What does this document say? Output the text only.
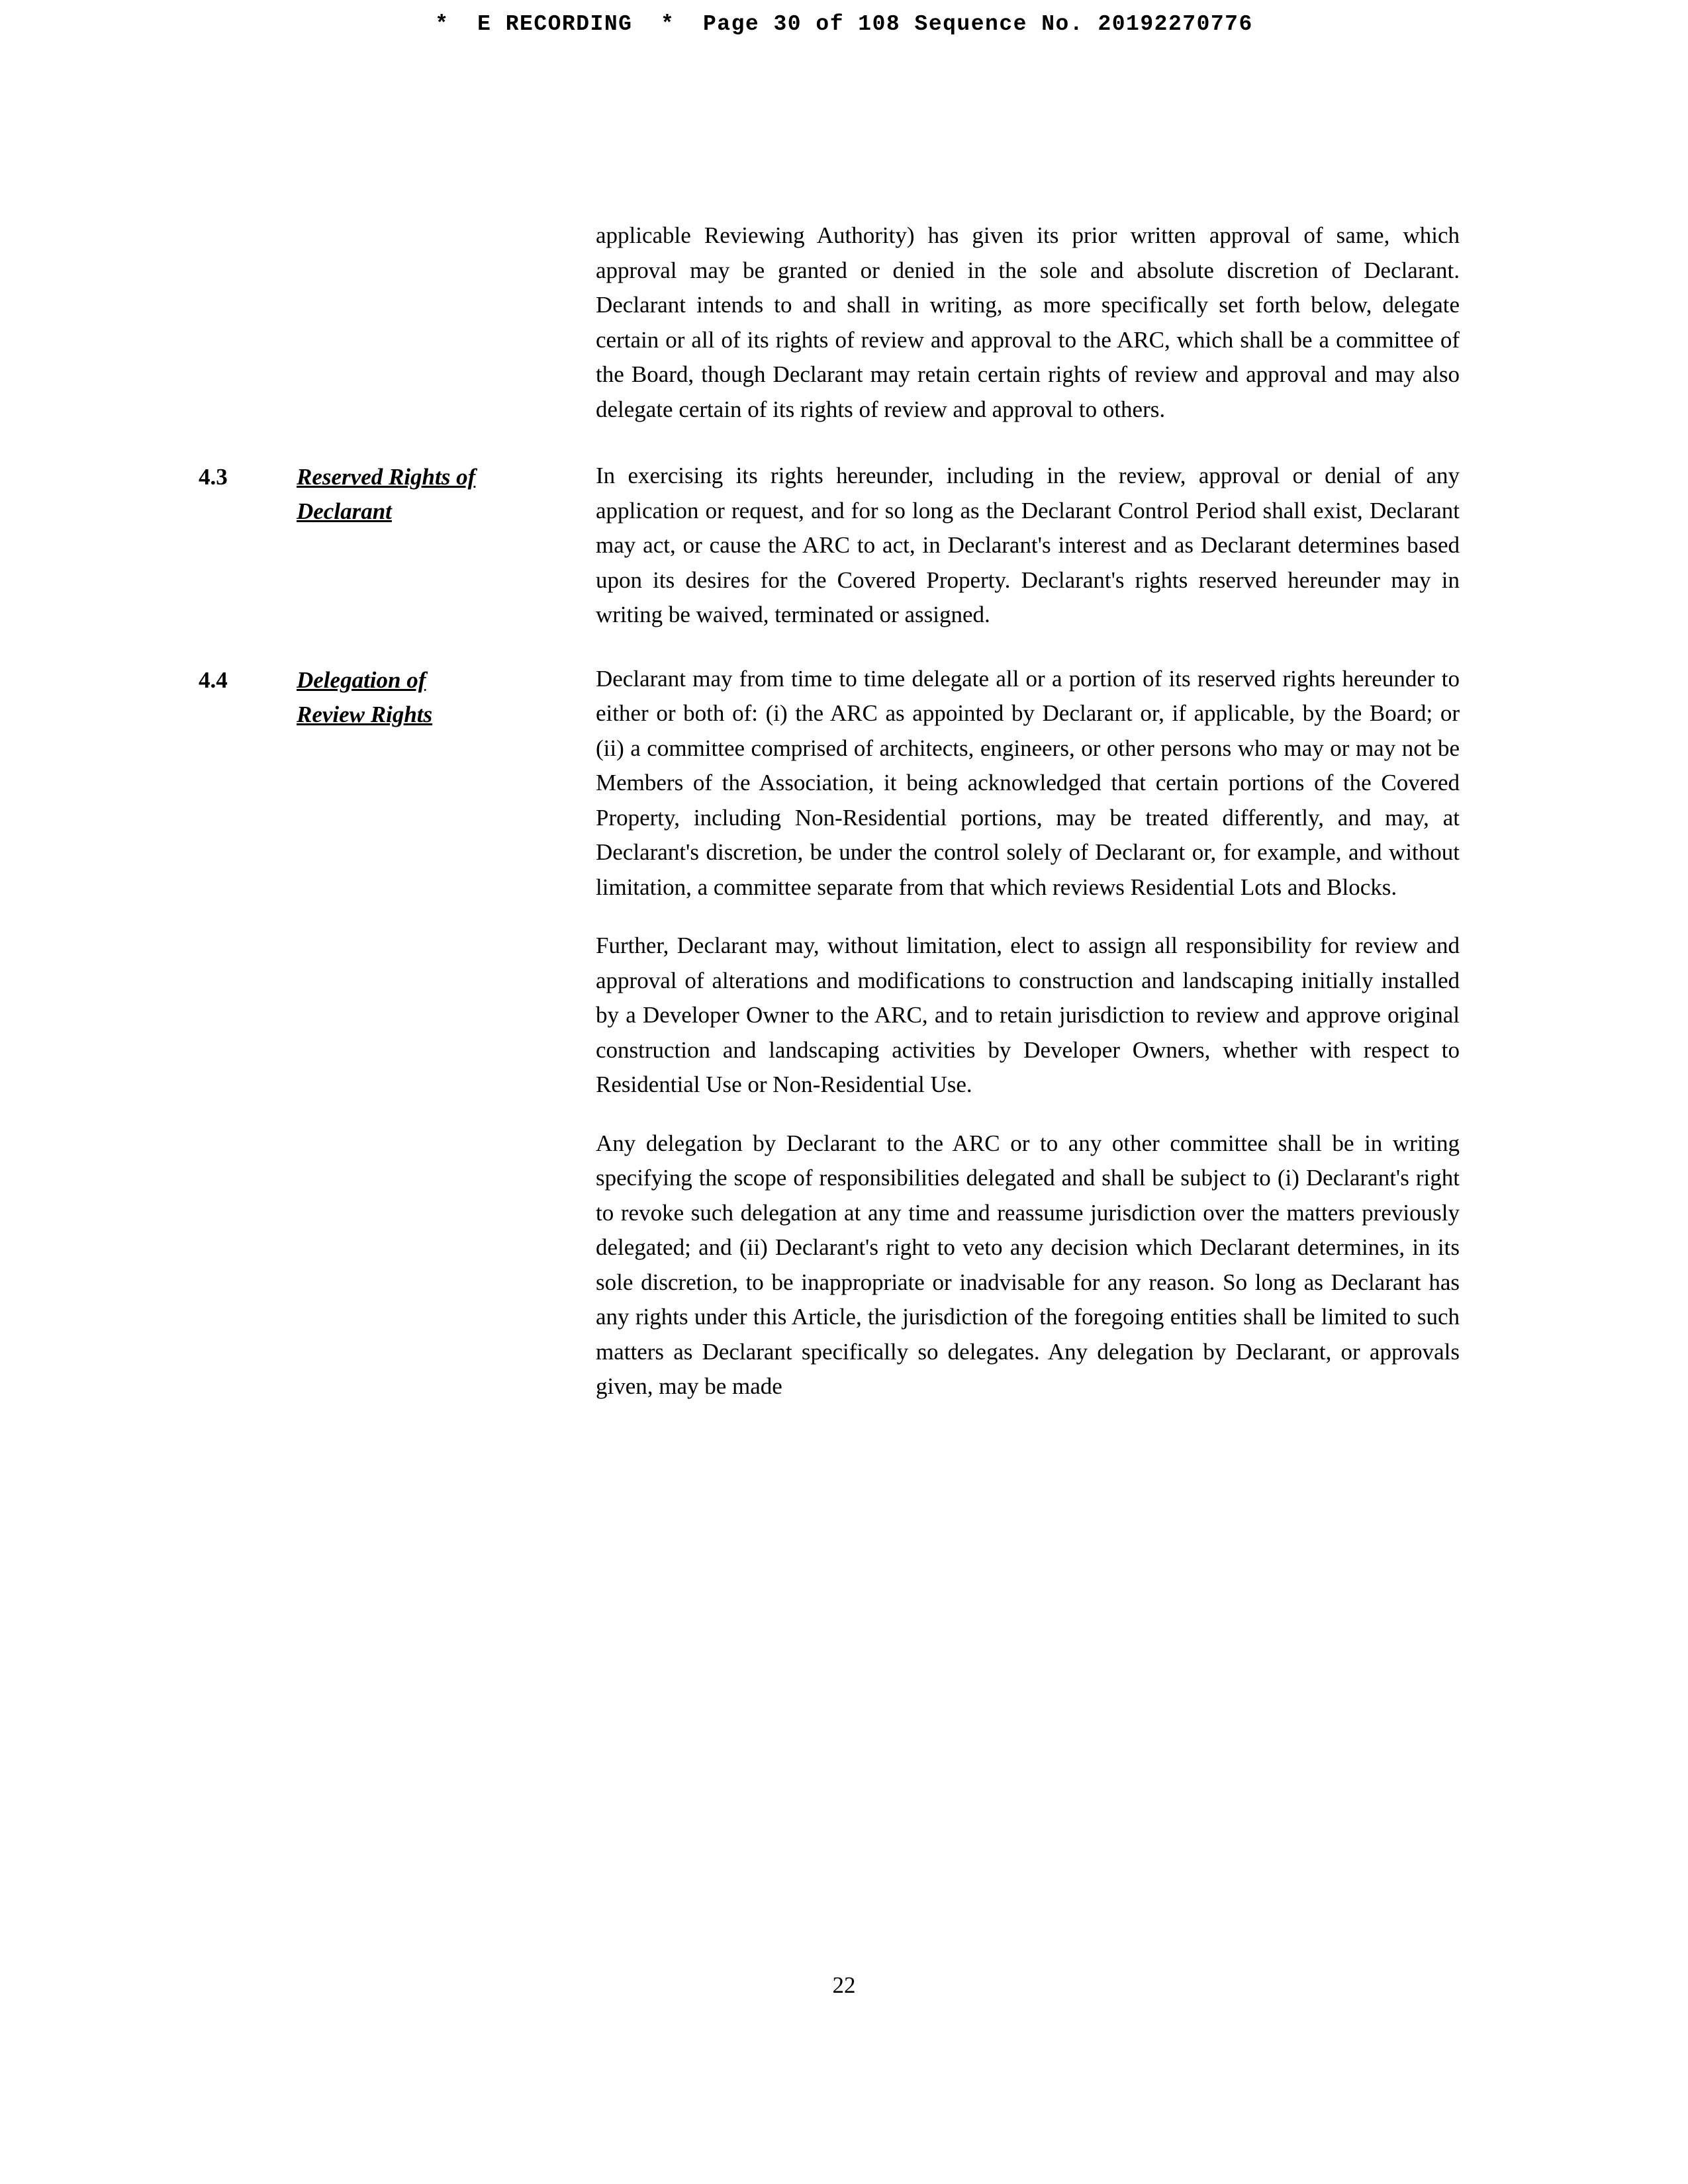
*  E RECORDING  *  Page 30 of 108 Sequence No. 20192270776

applicable Reviewing Authority) has given its prior written approval of same, which approval may be granted or denied in the sole and absolute discretion of Declarant. Declarant intends to and shall in writing, as more specifically set forth below, delegate certain or all of its rights of review and approval to the ARC, which shall be a committee of the Board, though Declarant may retain certain rights of review and approval and may also delegate certain of its rights of review and approval to others.

4.3	Reserved Rights of
Declarant

In exercising its rights hereunder, including in the review, approval or denial of any application or request, and for so long as the Declarant Control Period shall exist, Declarant may act, or cause the ARC to act, in Declarant's interest and as Declarant determines based upon its desires for the Covered Property. Declarant's rights reserved hereunder may in writing be waived, terminated or assigned.

4.4	Delegation of
Review Rights

Declarant may from time to time delegate all or a portion of its reserved rights hereunder to either or both of: (i) the ARC as appointed by Declarant or, if applicable, by the Board; or (ii) a committee comprised of architects, engineers, or other persons who may or may not be Members of the Association, it being acknowledged that certain portions of the Covered Property, including Non-Residential portions, may be treated differently, and may, at Declarant's discretion, be under the control solely of Declarant or, for example, and without limitation, a committee separate from that which reviews Residential Lots and Blocks.

Further, Declarant may, without limitation, elect to assign all responsibility for review and approval of alterations and modifications to construction and landscaping initially installed by a Developer Owner to the ARC, and to retain jurisdiction to review and approve original construction and landscaping activities by Developer Owners, whether with respect to Residential Use or Non-Residential Use.

Any delegation by Declarant to the ARC or to any other committee shall be in writing specifying the scope of responsibilities delegated and shall be subject to (i) Declarant's right to revoke such delegation at any time and reassume jurisdiction over the matters previously delegated; and (ii) Declarant's right to veto any decision which Declarant determines, in its sole discretion, to be inappropriate or inadvisable for any reason. So long as Declarant has any rights under this Article, the jurisdiction of the foregoing entities shall be limited to such matters as Declarant specifically so delegates. Any delegation by Declarant, or approvals given, may be made

22
